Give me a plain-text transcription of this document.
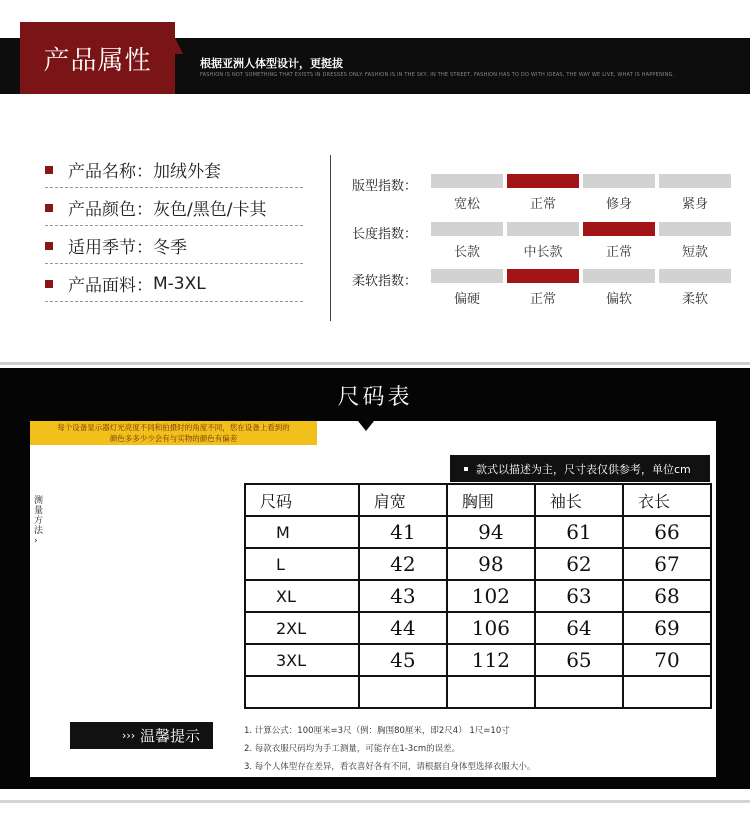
产品属性	根据亚洲人体型设计，更挺拔
FASHION IS NOT SOMETHING THAT EXISTS IN DRESSES ONLY. FASHION IS IN THE SKY, IN THE STREET, FASHION HAS TO DO WITH IDEAS, THE WAY WE LIVE, WHAT IS HAPPENING.
产品名称： 加绒外套
产品颜色： 灰色/黑色/卡其
适用季节： 冬季
产品面料： M-3XL
版型指数：
宽松	正常	修身	紧身
长度指数：
长款	中长款	正常	短款
柔软指数：
偏硬	正常	偏软	柔软
尺码表
每个设备显示器灯光亮度不同和拍摄时的角度不同，您在设备上看到的
颜色多多少少会有与实物的颜色有偏差
测量方法 ›
款式以描述为主，尺寸表仅供参考，单位cm
尺码	肩宽	胸围	袖长	衣长
M	41	94	61	66
L	42	98	62	67
XL	43	102	63	68
2XL	44	106	64	69
3XL	45	112	65	70

››› 温馨提示	1. 计算公式：100厘米=3尺（例：胸围80厘米，即2尺4） 1尺=10寸
2. 每款衣服尺码均为手工测量，可能存在1-3cm的误差。
3. 每个人体型存在差异，看衣喜好各有不同，请根据自身体型选择衣服大小。
